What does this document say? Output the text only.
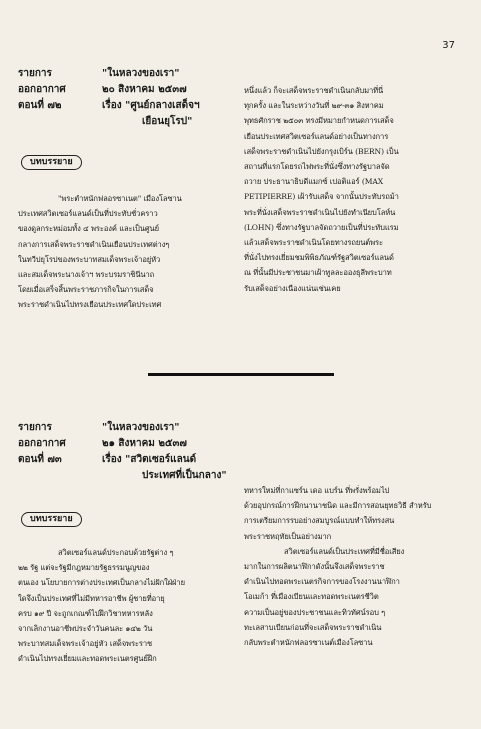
37
รายการ	"ในหลวงของเรา"
ออกอากาศ	๒๐ สิงหาคม ๒๕๓๗
ตอนที่ ๗๒	เรื่อง "ศูนย์กลางเสด็จฯ
เยือนยุโรป"
บทบรรยาย

"พระตำหนักฟลอรซาเนต" เมืองโลซาน

ประเทศสวิตเซอร์แลนด์เป็นที่ประทับชั่วคราว

ของดูลกระหม่อมทั้ง ๔ พระองค์ และเป็นศูนย์

กลางการเสด็จพระราชดำเนินเยือนประเทศต่างๆ

ในทวีปยุโรปของพระบาทสมเด็จพระเจ้าอยู่หัว

และสมเด็จพระนางเจ้าฯ พระบรมราชินีนาถ

โดยเมื่อเสร็จสิ้นพระราชภารกิจในการเสด็จ

พระราชดำเนินไปทรงเยือนประเทศใดประเทศ

หนึ่งแล้ว ก็จะเสด็จพระราชดำเนินกลับมาที่นี่

ทุกครั้ง และในระหว่างวันที่ ๒๙-๓๑ สิงหาคม

พุทธศักราช ๒๕๐๓ ทรงมีหมายกำหนดการเสด็จ

เยือนประเทศสวิตเซอร์แลนด์อย่างเป็นทางการ

เสด็จพระราชดำเนินไปยังกรุงเบิร์น (BERN) เป็น

สถานที่แรกโดยรถไฟพระที่นั่งซึ่งทางรัฐบาลจัด

ถวาย ประธานาธิบดีแมกซ์ เปอติแอร์ (MAX

PETIPIERRE) เฝ้ารับเสด็จ จากนั้นประทับรถม้า

พระที่นั่งเสด็จพระราชดำเนินไปยังทำเนียบโลห์น

(LOHN) ซึ่งทางรัฐบาลจัดถวายเป็นที่ประทับแรม

แล้วเสด็จพระราชดำเนินโดยทางรถยนต์พระ

ที่นั่งไปทรงเยี่ยมชมพิพิธภัณฑ์รัฐสวิตเซอร์แลนด์

ณ ที่นั้นมีประชาชนมาเฝ้าทูลละอองธุลีพระบาท

รับเสด็จอย่างเนืองแน่นเช่นเคย

รายการ	"ในหลวงของเรา"
ออกอากาศ	๒๑ สิงหาคม ๒๕๓๗
ตอนที่ ๗๓	เรื่อง "สวิตเซอร์แลนด์
ประเทศที่เป็นกลาง"
บทบรรยาย

สวิตเซอร์แลนด์ประกอบด้วยรัฐต่าง ๆ

๒๒ รัฐ แต่จะรัฐมีกฎหมายรัฐธรรมนูญของ

ตนเอง นโยบายการต่างประเทศเป็นกลางไม่ฝักใฝ่ฝ่าย

ใดจึงเป็นประเทศที่ไม่มีทหารอาชีพ ผู้ชายที่อายุ

ครบ ๑๙ ปี จะถูกเกณฑ์ไปฝึกวิชาทหารหลัง

จากเลิกงานอาชีพประจำวันคนละ ๑๔๒ วัน

พระบาทสมเด็จพระเจ้าอยู่หัว เสด็จพระราช

ดำเนินไปทรงเยี่ยมและทอดพระเนตรศูนย์ฝึก

ทหารใหม่ที่กาแซร์น เดอ แบร์น ที่พรั่งพร้อมไป

ด้วยอุปกรณ์การฝึกนานาชนิด และมีการสอนยุทธวิธี สำหรับ

การเตรียมการรบอย่างสมบูรณ์แบบทำให้ทรงสน

พระราชหฤทัยเป็นอย่างมาก

สวิตเซอร์แลนด์เป็นประเทศที่มีชื่อเสียง

มากในการผลิตนาฬิกาดังนั้นจึงเสด็จพระราช

ดำเนินไปทอดพระเนตรกิจการของโรงงานนาฬิกา

โอเมก้า ที่เมืองเบียนและทอดพระเนตรชีวิต

ความเป็นอยู่ของประชาชนและทิวทัศน์รอบ ๆ

ทะเลสาบเบียนก่อนที่จะเสด็จพระราชดำเนิน

กลับพระตำหนักฟลอรซาเนต์เมืองโลซาน
